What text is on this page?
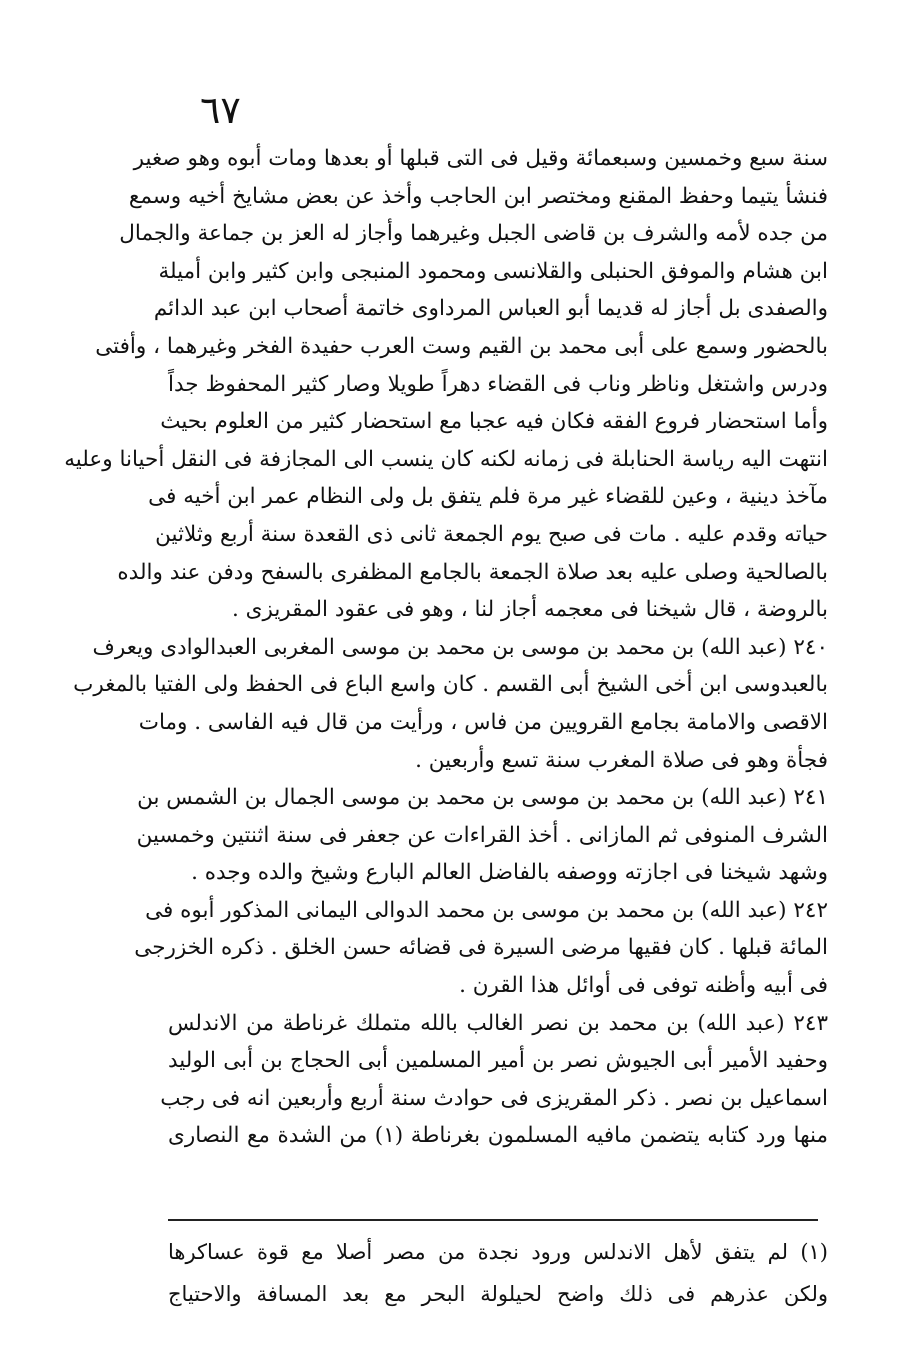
٦٧
سنة سبع وخمسين وسبعمائة وقيل فى التى قبلها أو بعدها ومات أبوه وهو صغير
فنشأ يتيما وحفظ المقنع ومختصر ابن الحاجب وأخذ عن بعض مشايخ أخيه وسمع
من جده لأمه والشرف بن قاضى الجبل وغيرهما وأجاز له العز بن جماعة والجمال
ابن هشام والموفق الحنبلى والقلانسى ومحمود المنبجى وابن كثير وابن أميلة
والصفدى بل أجاز له قديما أبو العباس المرداوى خاتمة أصحاب ابن عبد الدائم
بالحضور وسمع على أبى محمد بن القيم وست العرب حفيدة الفخر وغيرهما ، وأفتى
ودرس واشتغل وناظر وناب فى القضاء دهراً طويلا وصار كثير المحفوظ جداً
وأما استحضار فروع الفقه فكان فيه عجبا مع استحضار كثير من العلوم بحيث
انتهت اليه رياسة الحنابلة فى زمانه لكنه كان ينسب الى المجازفة فى النقل أحيانا وعليه
مآخذ دينية ، وعين للقضاء غير مرة فلم يتفق بل ولى النظام عمر ابن أخيه فى
حياته وقدم عليه . مات فى صبح يوم الجمعة ثانى ذى القعدة سنة أربع وثلاثين
بالصالحية وصلى عليه بعد صلاة الجمعة بالجامع المظفرى بالسفح ودفن عند والده
بالروضة ، قال شيخنا فى معجمه أجاز لنا ، وهو فى عقود المقريزى .
٢٤٠ (عبد الله) بن محمد بن موسى بن محمد بن موسى المغربى العبدالوادى ويعرف
بالعبدوسى ابن أخى الشيخ أبى القسم . كان واسع الباع فى الحفظ ولى الفتيا بالمغرب
الاقصى والامامة بجامع القرويين من فاس ، ورأيت من قال فيه الفاسى . ومات
فجأة وهو فى صلاة المغرب سنة تسع وأربعين .
٢٤١ (عبد الله) بن محمد بن موسى بن محمد بن موسى الجمال بن الشمس بن
الشرف المنوفى ثم المازانى . أخذ القراءات عن جعفر فى سنة اثنتين وخمسين
وشهد شيخنا فى اجازته ووصفه بالفاضل العالم البارع وشيخ والده وجده .
٢٤٢ (عبد الله) بن محمد بن موسى بن محمد الدوالى اليمانى المذكور أبوه فى
المائة قبلها . كان فقيها مرضى السيرة فى قضائه حسن الخلق . ذكره الخزرجى
فى أبيه وأظنه توفى فى أوائل هذا القرن .
٢٤٣ (عبد الله) بن محمد بن نصر الغالب بالله متملك غرناطة من الاندلس
وحفيد الأمير أبى الجيوش نصر بن أمير المسلمين أبى الحجاج بن أبى الوليد
اسماعيل بن نصر . ذكر المقريزى فى حوادث سنة أربع وأربعين انه فى رجب
منها ورد كتابه يتضمن مافيه المسلمون بغرناطة (١) من الشدة مع النصارى
(١) لم يتفق لأهل الاندلس ورود نجدة من مصر أصلا مع قوة عساكرها
ولكن عذرهم فى ذلك واضح لحيلولة البحر مع بعد المسافة والاحتياج
